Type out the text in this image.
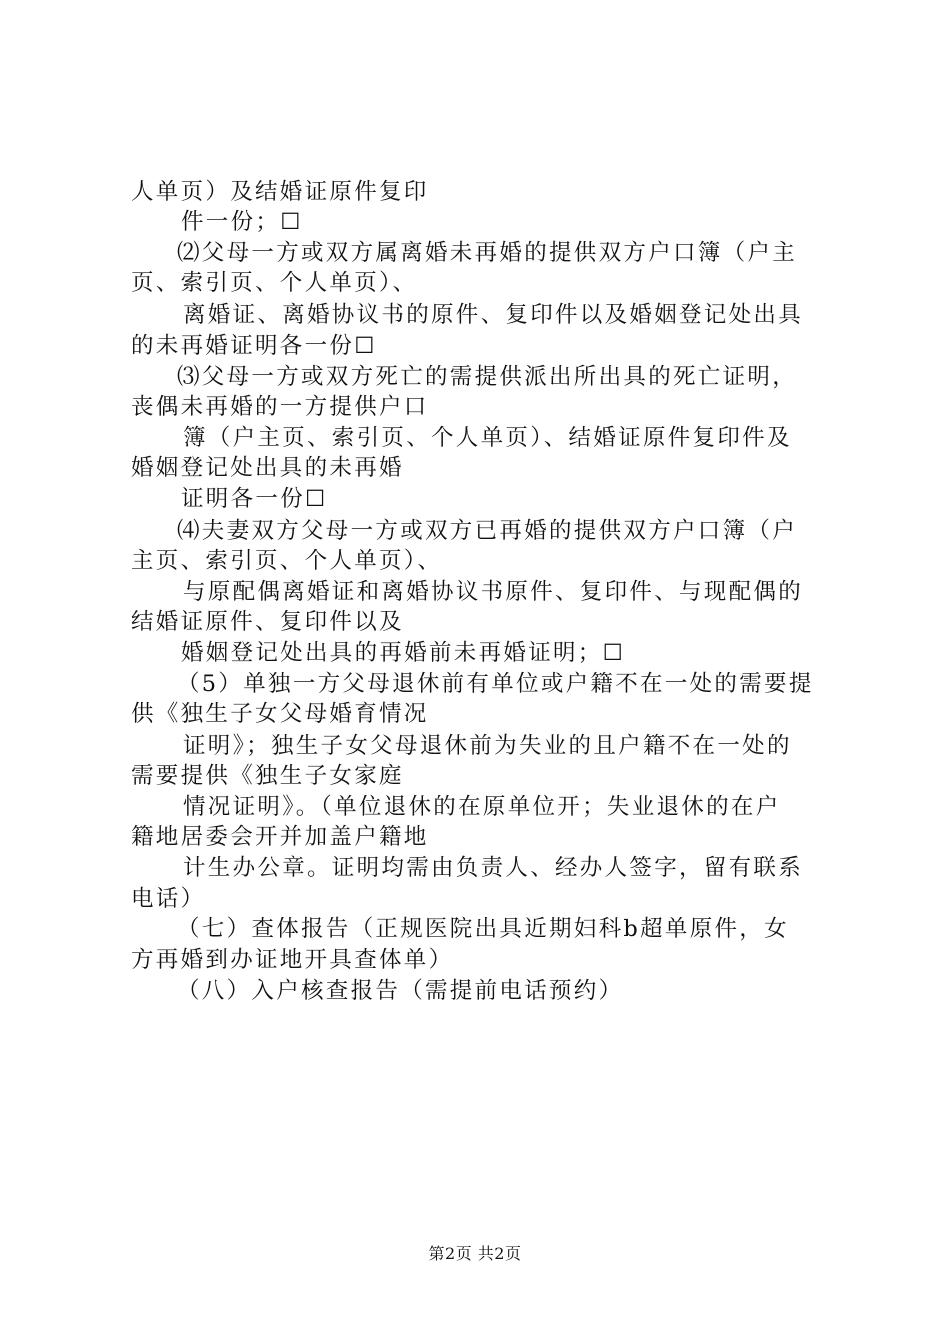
人单页）及结婚证原件复印
件一份；☐
⑵父母一方或双方属离婚未再婚的提供双方户口簿（户主
页、索引页、个人单页）、
离婚证、离婚协议书的原件、复印件以及婚姻登记处出具
的未再婚证明各一份☐
⑶父母一方或双方死亡的需提供派出所出具的死亡证明，
丧偶未再婚的一方提供户口
簿（户主页、索引页、个人单页）、结婚证原件复印件及
婚姻登记处出具的未再婚
证明各一份☐
⑷夫妻双方父母一方或双方已再婚的提供双方户口簿（户
主页、索引页、个人单页）、
与原配偶离婚证和离婚协议书原件、复印件、与现配偶的
结婚证原件、复印件以及
婚姻登记处出具的再婚前未再婚证明；☐
（5）单独一方父母退休前有单位或户籍不在一处的需要提
供《独生子女父母婚育情况
证明》；独生子女父母退休前为失业的且户籍不在一处的
需要提供《独生子女家庭
情况证明》。（单位退休的在原单位开；失业退休的在户
籍地居委会开并加盖户籍地
计生办公章。证明均需由负责人、经办人签字，留有联系
电话）
（七）查体报告（正规医院出具近期妇科b超单原件，女
方再婚到办证地开具查体单）
（八）入户核查报告（需提前电话预约）
第2页 共2页
